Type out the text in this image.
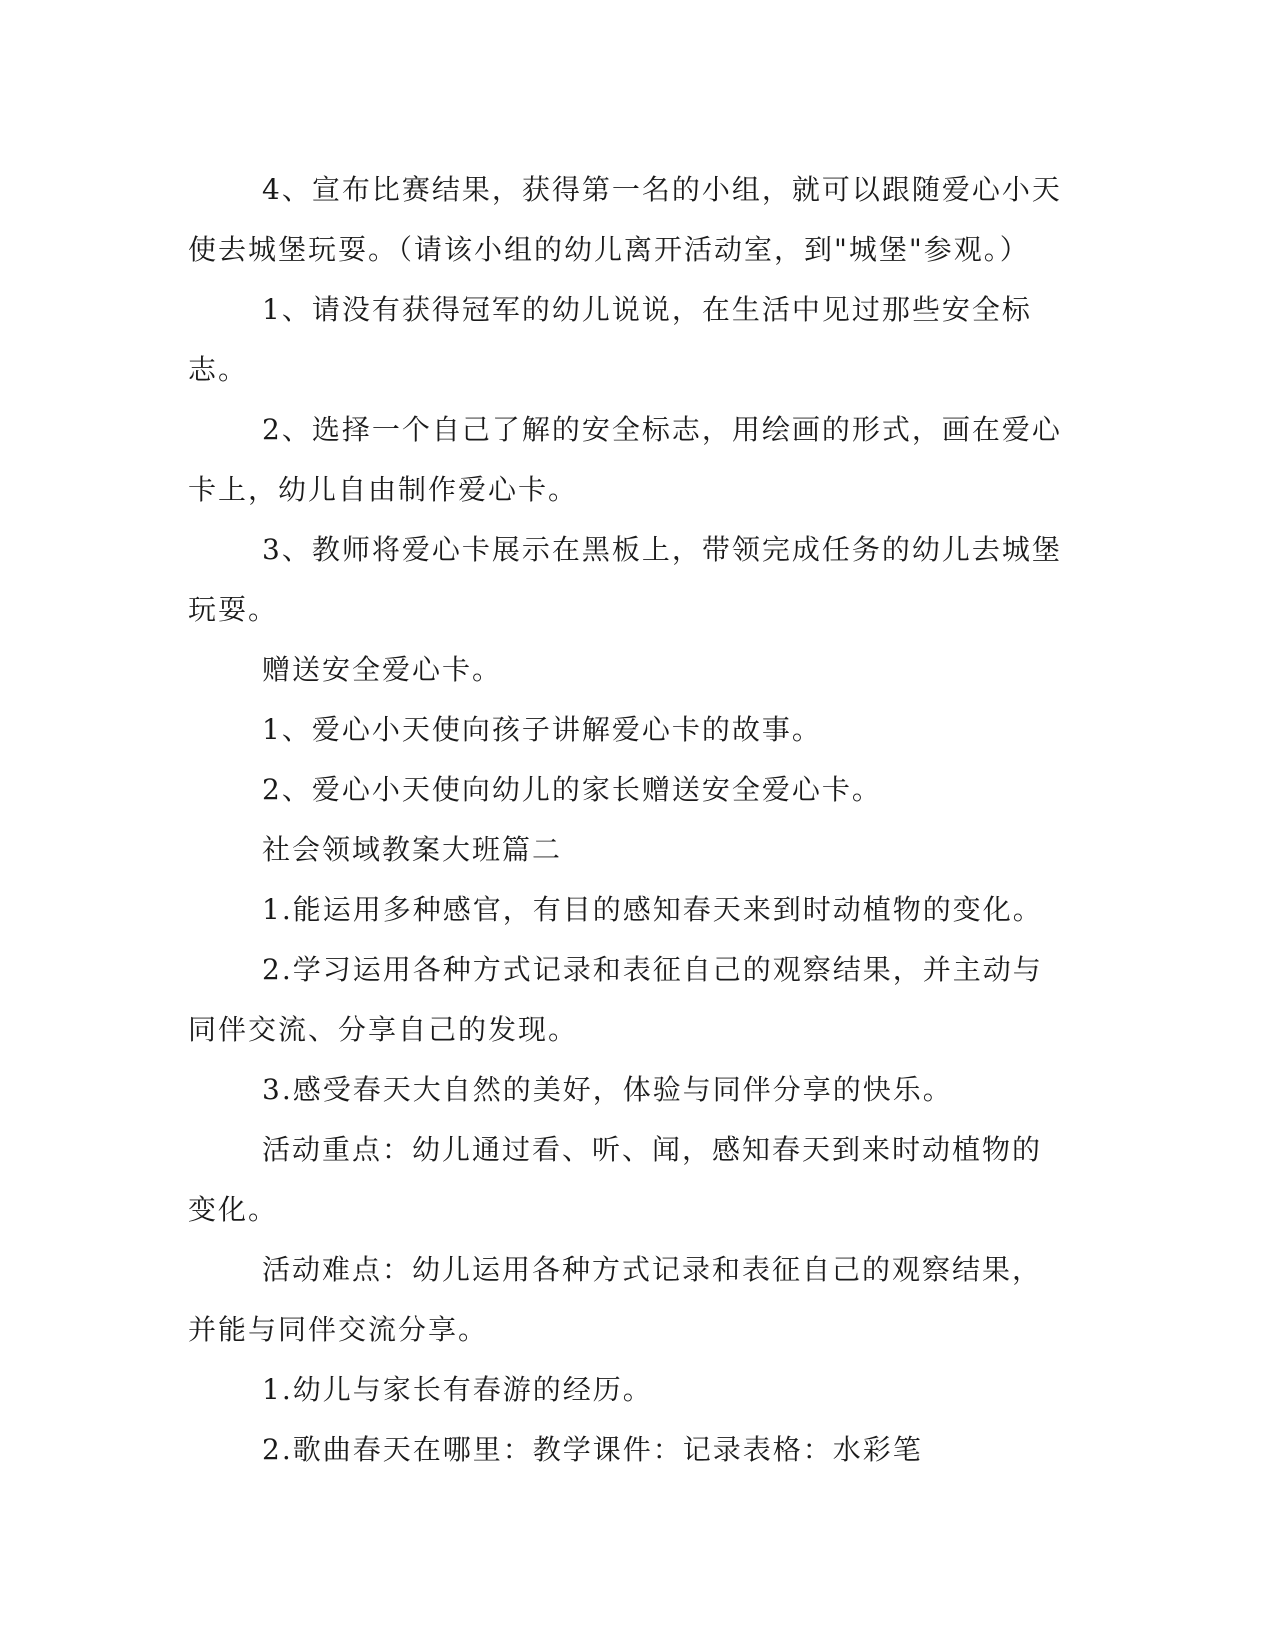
4、宣布比赛结果，获得第一名的小组，就可以跟随爱心小天使去城堡玩耍。（请该小组的幼儿离开活动室，到"城堡"参观。）

1、请没有获得冠军的幼儿说说，在生活中见过那些安全标志。

2、选择一个自己了解的安全标志，用绘画的形式，画在爱心卡上，幼儿自由制作爱心卡。

3、教师将爱心卡展示在黑板上，带领完成任务的幼儿去城堡玩耍。

赠送安全爱心卡。

1、爱心小天使向孩子讲解爱心卡的故事。

2、爱心小天使向幼儿的家长赠送安全爱心卡。

社会领域教案大班篇二

1.能运用多种感官，有目的感知春天来到时动植物的变化。

2.学习运用各种方式记录和表征自己的观察结果，并主动与同伴交流、分享自己的发现。

3.感受春天大自然的美好，体验与同伴分享的快乐。

活动重点：幼儿通过看、听、闻，感知春天到来时动植物的变化。

活动难点：幼儿运用各种方式记录和表征自己的观察结果，并能与同伴交流分享。

1.幼儿与家长有春游的经历。

2.歌曲春天在哪里：教学课件：记录表格：水彩笔
